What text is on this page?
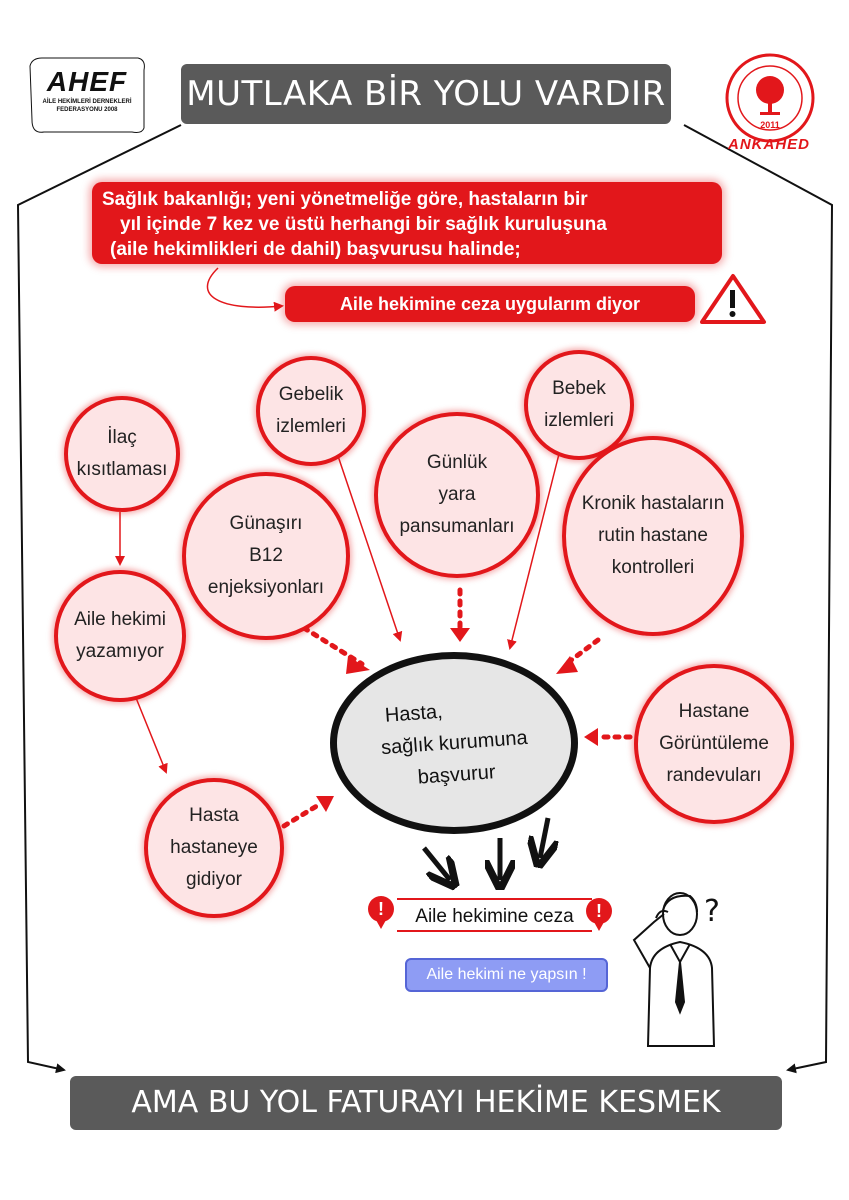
AHEF
AİLE HEKİMLERİ DERNEKLERİ FEDERASYONU 2008
2011
ANKAHED
MUTLAKA BİR YOLU VARDIR !
Sağlık bakanlığı; yeni yönetmeliğe göre, hastaların bir
yıl içinde 7 kez ve üstü herhangi bir sağlık kuruluşuna
(aile hekimlikleri de dahil) başvurusu halinde;
Aile hekimine ceza uygularım diyor
İlaç
kısıtlaması
Gebelik
izlemleri
Bebek
izlemleri
Günlük
yara
pansumanları
Günaşırı
B12
enjeksiyonları
Kronik hastaların
rutin hastane
kontrolleri
Aile hekimi
yazamıyor
Hastane
Görüntüleme
randevuları
Hasta
hastaneye
gidiyor
Hasta,
sağlık kurumuna
başvurur
!	Aile hekimine ceza	!
Aile hekimi ne yapsın !
?
AMA BU YOL FATURAYI HEKİME KESMEK DEĞİLDİR!
